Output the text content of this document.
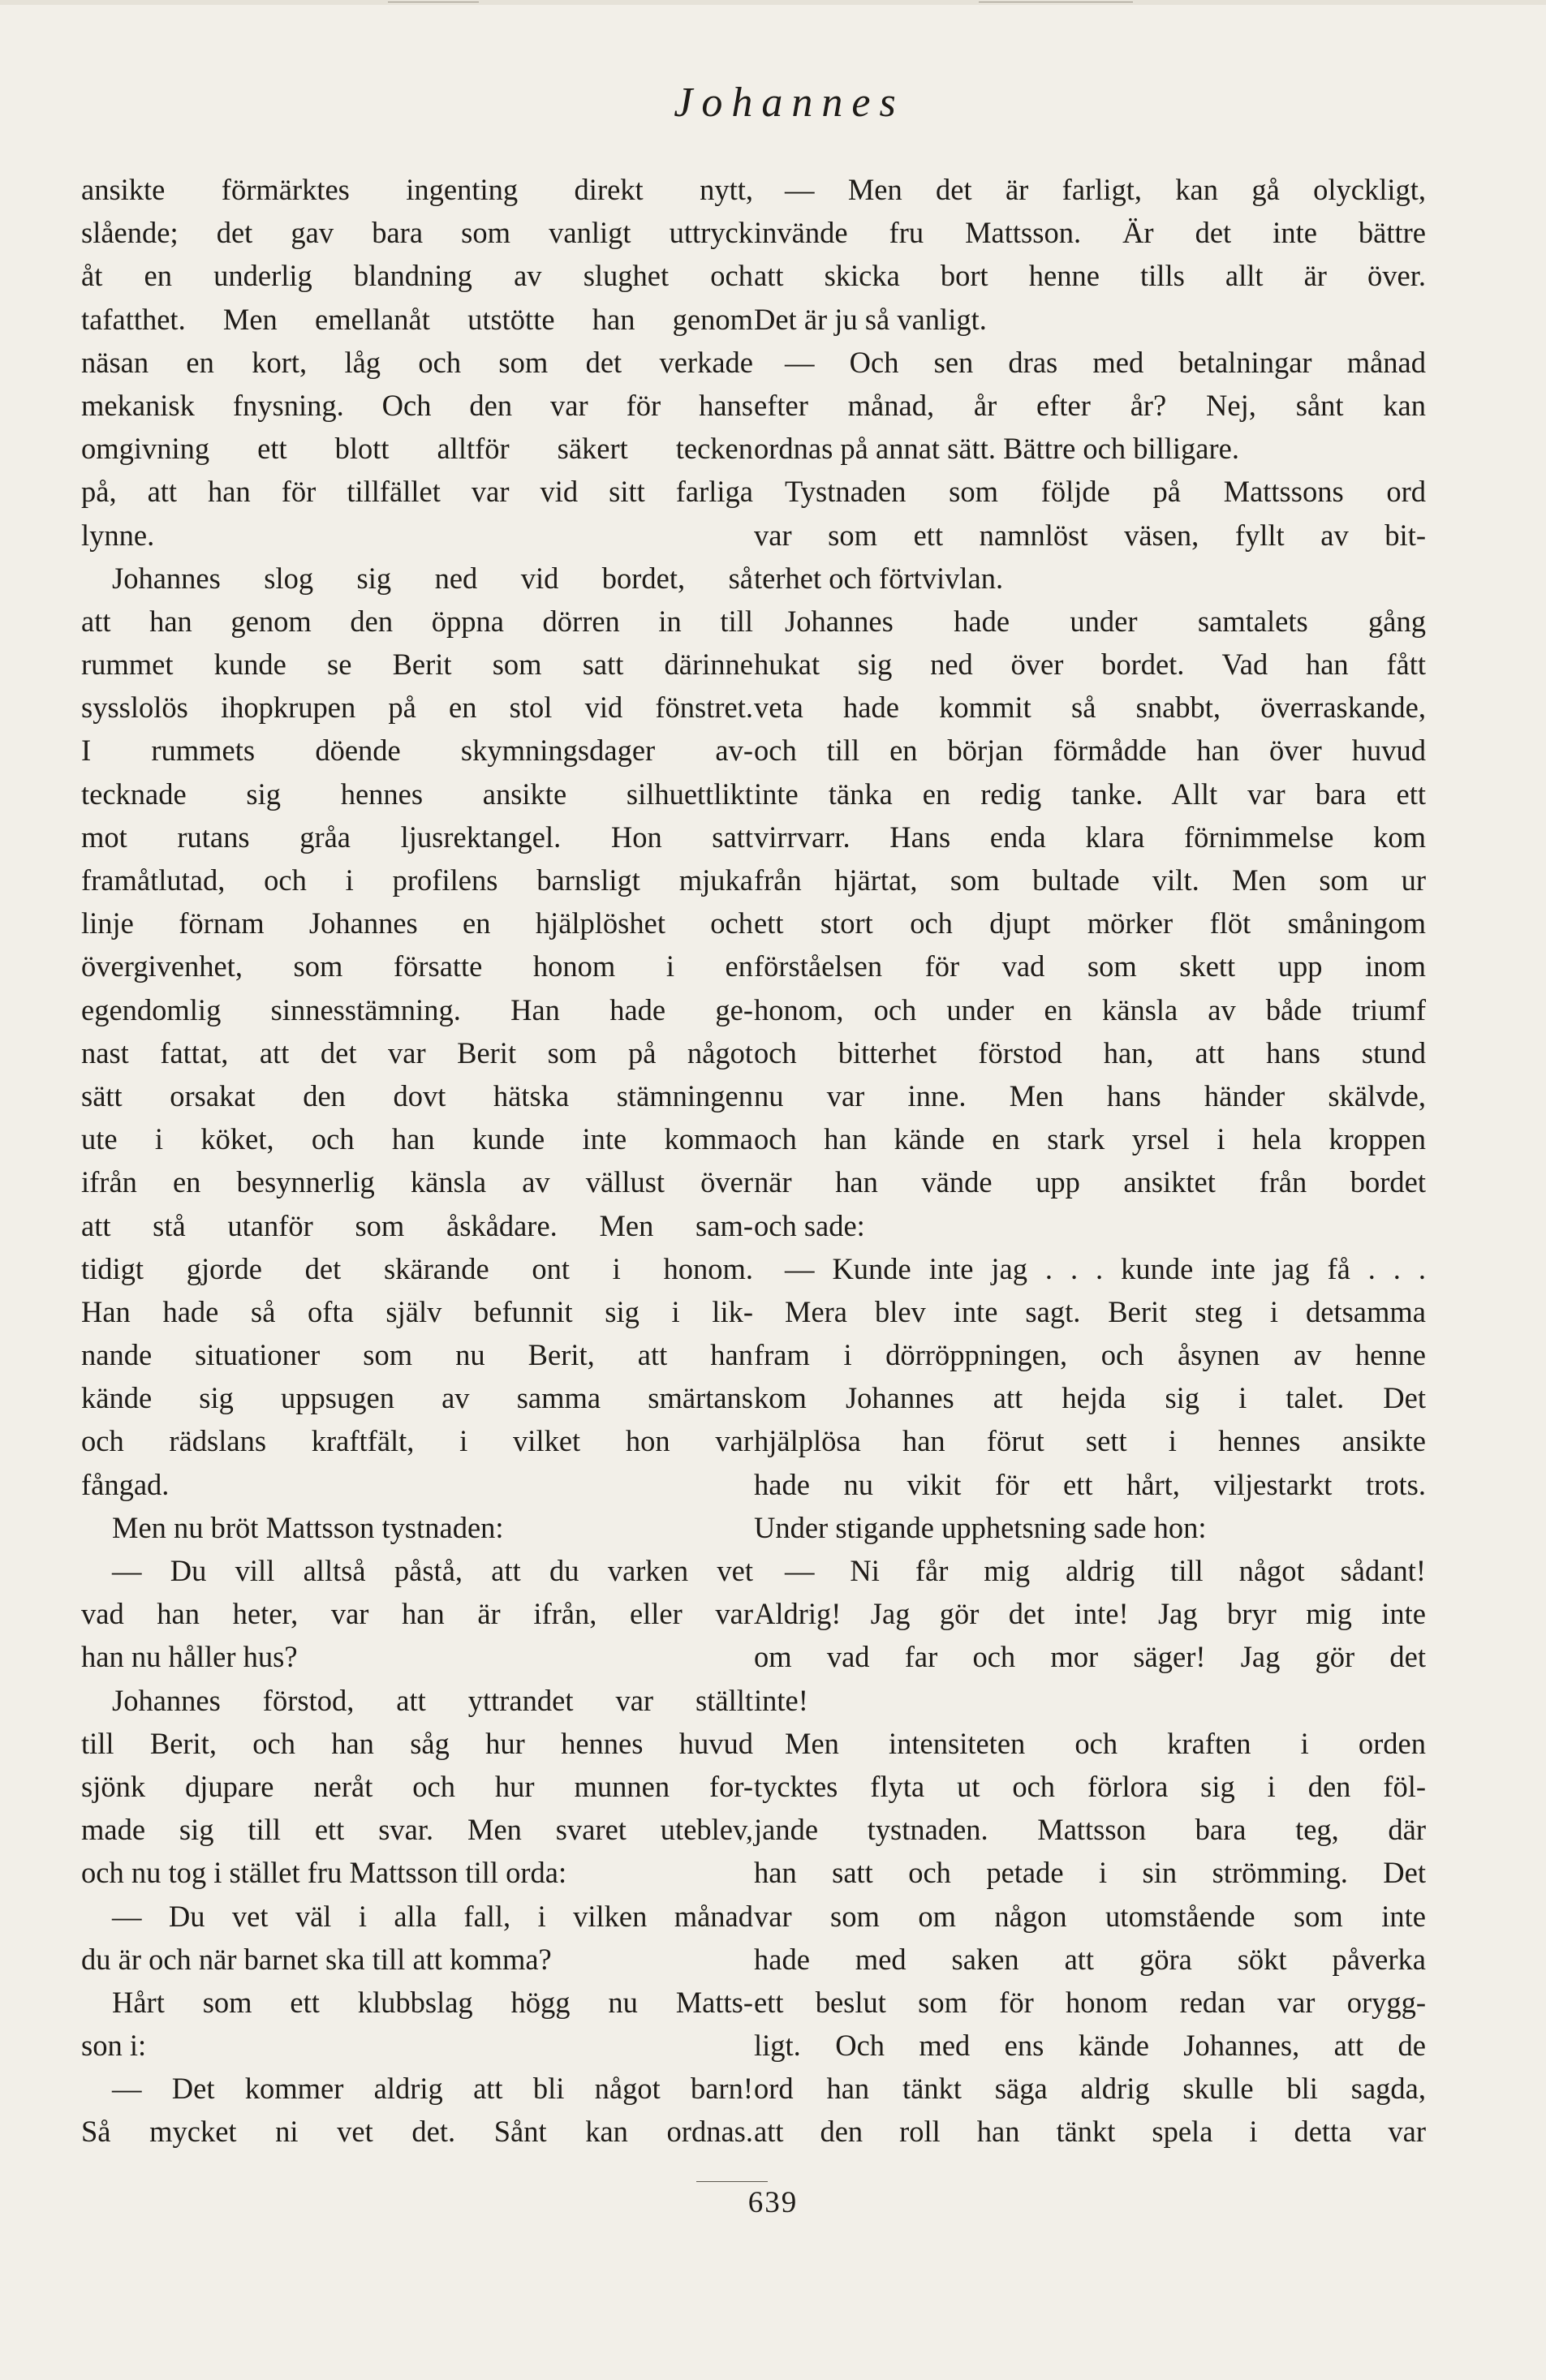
Johannes
ansikte förmärktes ingenting direkt nytt,
slående; det gav bara som vanligt uttryck
åt en underlig blandning av slughet och
tafatthet. Men emellanåt utstötte han genom
näsan en kort, låg och som det verkade
mekanisk fnysning. Och den var för hans
omgivning ett blott alltför säkert tecken
på, att han för tillfället var vid sitt farliga
lynne.
Johannes slog sig ned vid bordet, så
att han genom den öppna dörren in till
rummet kunde se Berit som satt därinne
sysslolös ihopkrupen på en stol vid fönstret.
I rummets döende skymningsdager av-
tecknade sig hennes ansikte silhuettlikt
mot rutans gråa ljusrektangel. Hon satt
framåtlutad, och i profilens barnsligt mjuka
linje förnam Johannes en hjälplöshet och
övergivenhet, som försatte honom i en
egendomlig sinnesstämning. Han hade ge-
nast fattat, att det var Berit som på något
sätt orsakat den dovt hätska stämningen
ute i köket, och han kunde inte komma
ifrån en besynnerlig känsla av vällust över
att stå utanför som åskådare. Men sam-
tidigt gjorde det skärande ont i honom.
Han hade så ofta själv befunnit sig i lik-
nande situationer som nu Berit, att han
kände sig uppsugen av samma smärtans
och rädslans kraftfält, i vilket hon var
fångad.
Men nu bröt Mattsson tystnaden:
— Du vill alltså påstå, att du varken vet
vad han heter, var han är ifrån, eller var
han nu håller hus?
Johannes förstod, att yttrandet var ställt
till Berit, och han såg hur hennes huvud
sjönk djupare neråt och hur munnen for-
made sig till ett svar. Men svaret uteblev,
och nu tog i stället fru Mattsson till orda:
— Du vet väl i alla fall, i vilken månad
du är och när barnet ska till att komma?
Hårt som ett klubbslag högg nu Matts-
son i:
— Det kommer aldrig att bli något barn!
Så mycket ni vet det. Sånt kan ordnas.
— Men det är farligt, kan gå olyckligt,
invände fru Mattsson. Är det inte bättre
att skicka bort henne tills allt är över.
Det är ju så vanligt.
— Och sen dras med betalningar månad
efter månad, år efter år? Nej, sånt kan
ordnas på annat sätt. Bättre och billigare.
Tystnaden som följde på Mattssons ord
var som ett namnlöst väsen, fyllt av bit-
terhet och förtvivlan.
Johannes hade under samtalets gång
hukat sig ned över bordet. Vad han fått
veta hade kommit så snabbt, överraskande,
och till en början förmådde han över huvud
inte tänka en redig tanke. Allt var bara ett
virrvarr. Hans enda klara förnimmelse kom
från hjärtat, som bultade vilt. Men som ur
ett stort och djupt mörker flöt småningom
förståelsen för vad som skett upp inom
honom, och under en känsla av både triumf
och bitterhet förstod han, att hans stund
nu var inne. Men hans händer skälvde,
och han kände en stark yrsel i hela kroppen
när han vände upp ansiktet från bordet
och sade:
— Kunde inte jag . . . kunde inte jag få . . .
Mera blev inte sagt. Berit steg i detsamma
fram i dörröppningen, och åsynen av henne
kom Johannes att hejda sig i talet. Det
hjälplösa han förut sett i hennes ansikte
hade nu vikit för ett hårt, viljestarkt trots.
Under stigande upphetsning sade hon:
— Ni får mig aldrig till något sådant!
Aldrig! Jag gör det inte! Jag bryr mig inte
om vad far och mor säger! Jag gör det
inte!
Men intensiteten och kraften i orden
tycktes flyta ut och förlora sig i den föl-
jande tystnaden. Mattsson bara teg, där
han satt och petade i sin strömming. Det
var som om någon utomstående som inte
hade med saken att göra sökt påverka
ett beslut som för honom redan var orygg-
ligt. Och med ens kände Johannes, att de
ord han tänkt säga aldrig skulle bli sagda,
att den roll han tänkt spela i detta var
639
